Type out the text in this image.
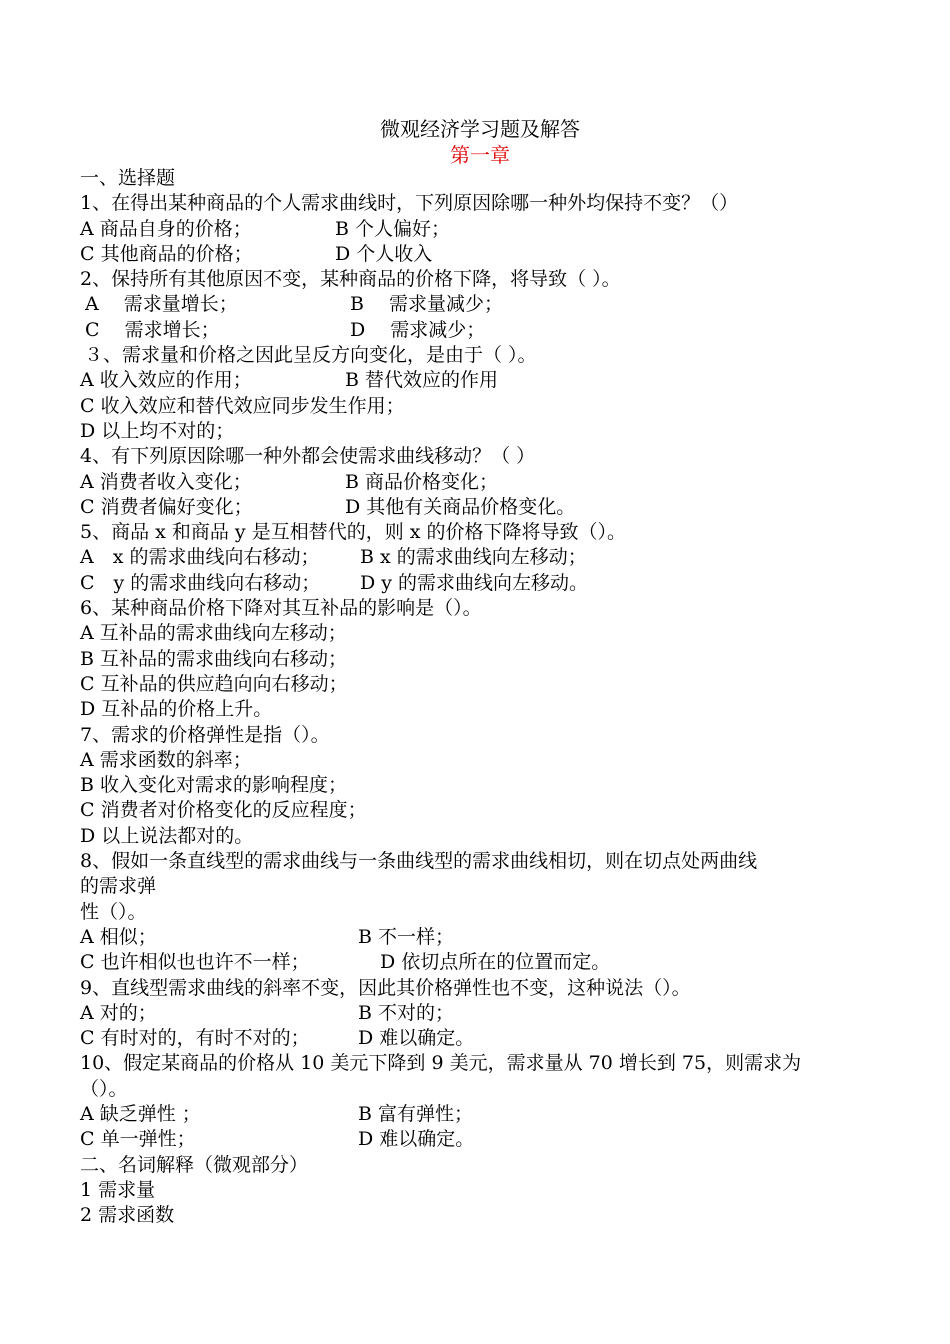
微观经济学习题及解答
第一章
一、选择题
1、在得出某种商品的个人需求曲线时，下列原因除哪一种外均保持不变？（）
A 商品自身的价格；	B 个人偏好；
C 其他商品的价格；	D 个人收入
2、保持所有其他原因不变，某种商品的价格下降，将导致（ ）。
A　 需求量增长；	B　 需求量减少；
C　 需求增长；	D　 需求减少；
３、需求量和价格之因此呈反方向变化，是由于（ ）。
A 收入效应的作用；	B 替代效应的作用
C 收入效应和替代效应同步发生作用；
D 以上均不对的；
4、有下列原因除哪一种外都会使需求曲线移动？（ ）
A 消费者收入变化；	B 商品价格变化；
C 消费者偏好变化；	D 其他有关商品价格变化。
5、商品 x 和商品 y 是互相替代的，则 x 的价格下降将导致（）。
A　x 的需求曲线向右移动； B x 的需求曲线向左移动；
C　y 的需求曲线向右移动； D y 的需求曲线向左移动。
6、某种商品价格下降对其互补品的影响是（）。
A 互补品的需求曲线向左移动；
B 互补品的需求曲线向右移动；
C 互补品的供应趋向向右移动；
D 互补品的价格上升。
7、需求的价格弹性是指（）。
A 需求函数的斜率；
B 收入变化对需求的影响程度；
C 消费者对价格变化的反应程度；
D 以上说法都对的。
8、假如一条直线型的需求曲线与一条曲线型的需求曲线相切，则在切点处两曲线
的需求弹
性（）。
A 相似；	B 不一样；
C 也许相似也也许不一样；	D 依切点所在的位置而定。
9、直线型需求曲线的斜率不变，因此其价格弹性也不变，这种说法（）。
A 对的；	B 不对的；
C 有时对的，有时不对的；	D 难以确定。
10、假定某商品的价格从 10 美元下降到 9 美元，需求量从 70 增长到 75，则需求为
（）。
A 缺乏弹性 ；	B 富有弹性；
C 单一弹性；	D 难以确定。
二、名词解释（微观部分）
1 需求量
2 需求函数
